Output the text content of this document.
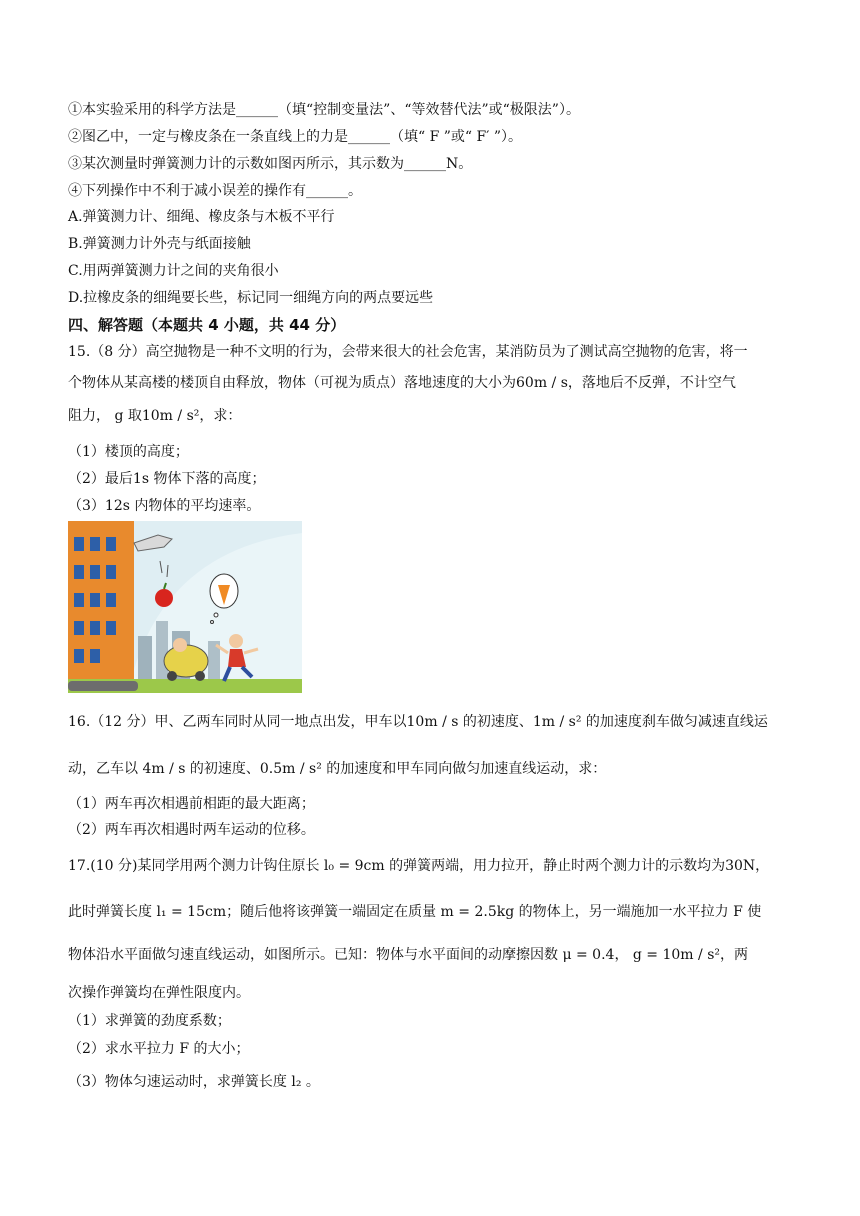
①本实验采用的科学方法是______（填“控制变量法”、“等效替代法”或“极限法”）。
②图乙中，一定与橡皮条在一条直线上的力是______（填“ F ”或“ F′ ”）。
③某次测量时弹簧测力计的示数如图丙所示，其示数为______N。
④下列操作中不利于减小误差的操作有______。
A.弹簧测力计、细绳、橡皮条与木板不平行
B.弹簧测力计外壳与纸面接触
C.用两弹簧测力计之间的夹角很小
D.拉橡皮条的细绳要长些，标记同一细绳方向的两点要远些
四、解答题（本题共 4 小题，共 44 分）
15.（8 分）高空抛物是一种不文明的行为，会带来很大的社会危害，某消防员为了测试高空抛物的危害，将一
个物体从某高楼的楼顶自由释放，物体（可视为质点）落地速度的大小为60m / s，落地后不反弹，不计空气
阻力， g 取10m / s²，求：
（1）楼顶的高度；
（2）最后1s 物体下落的高度；
（3）12s 内物体的平均速率。
16.（12 分）甲、乙两车同时从同一地点出发，甲车以10m / s 的初速度、1m / s² 的加速度刹车做匀减速直线运
动，乙车以 4m / s 的初速度、0.5m / s² 的加速度和甲车同向做匀加速直线运动，求：
（1）两车再次相遇前相距的最大距离；
（2）两车再次相遇时两车运动的位移。
17.(10 分)某同学用两个测力计钩住原长 l₀ = 9cm 的弹簧两端，用力拉开，静止时两个测力计的示数均为30N，
此时弹簧长度 l₁ = 15cm；随后他将该弹簧一端固定在质量 m = 2.5kg 的物体上，另一端施加一水平拉力 F 使
物体沿水平面做匀速直线运动，如图所示。已知：物体与水平面间的动摩擦因数 μ = 0.4， g = 10m / s²，两
次操作弹簧均在弹性限度内。
（1）求弹簧的劲度系数；
（2）求水平拉力 F 的大小；
（3）物体匀速运动时，求弹簧长度 l₂ 。
